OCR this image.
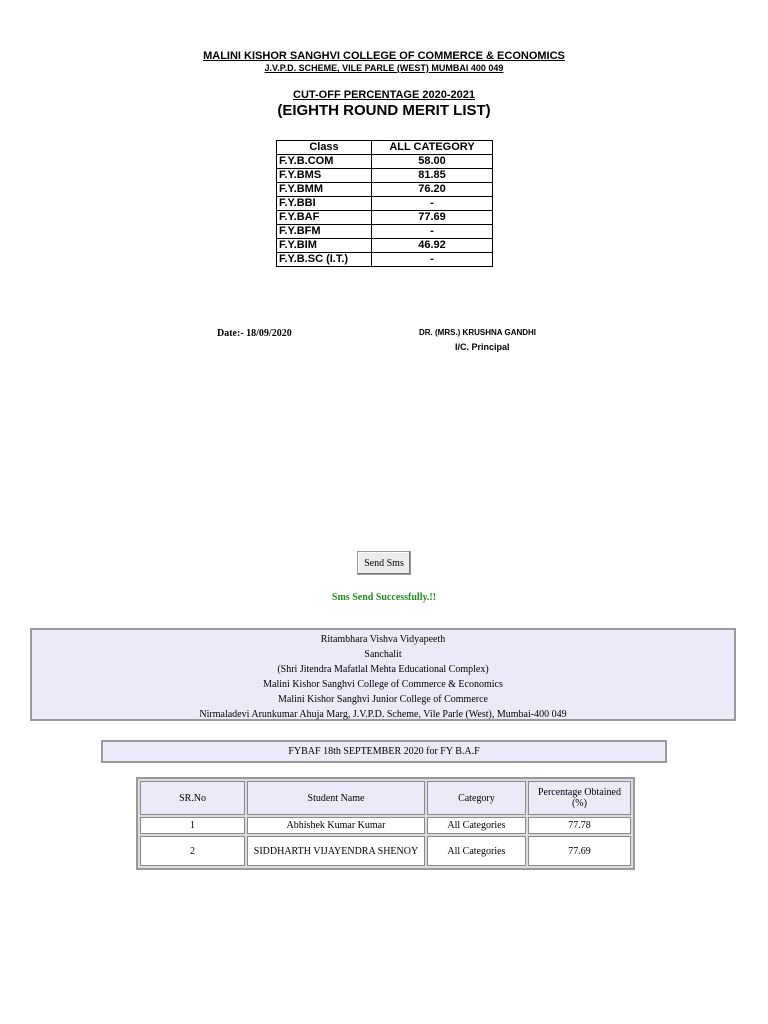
MALINI KISHOR SANGHVI COLLEGE OF COMMERCE & ECONOMICS
J.V.P.D. SCHEME, VILE PARLE (WEST) MUMBAI 400 049
CUT-OFF PERCENTAGE 2020-2021
(EIGHTH ROUND MERIT LIST)
Class	ALL CATEGORY
F.Y.B.COM	58.00
F.Y.BMS	81.85
F.Y.BMM	76.20
F.Y.BBI	-
F.Y.BAF	77.69
F.Y.BFM	-
F.Y.BIM	46.92
F.Y.B.SC (I.T.)	-
Date:- 18/09/2020	DR. (MRS.) KRUSHNA GANDHI
I/C. Principal
Send Sms
Sms Send Successfully.!!
Ritambhara Vishva Vidyapeeth
Sanchalit
(Shri Jitendra Mafatlal Mehta Educational Complex)
Malini Kishor Sanghvi College of Commerce & Economics
Malini Kishor Sanghvi Junior College of Commerce
Nirmaladevi Arunkumar Ahuja Marg, J.V.P.D. Scheme, Vile Parle (West), Mumbai-400 049
FYBAF 18th SEPTEMBER 2020 for FY B.A.F
SR.No	Student Name	Category	Percentage Obtained (%)
1	Abhishek Kumar Kumar	All Categories	77.78
2	SIDDHARTH VIJAYENDRA SHENOY	All Categories	77.69
